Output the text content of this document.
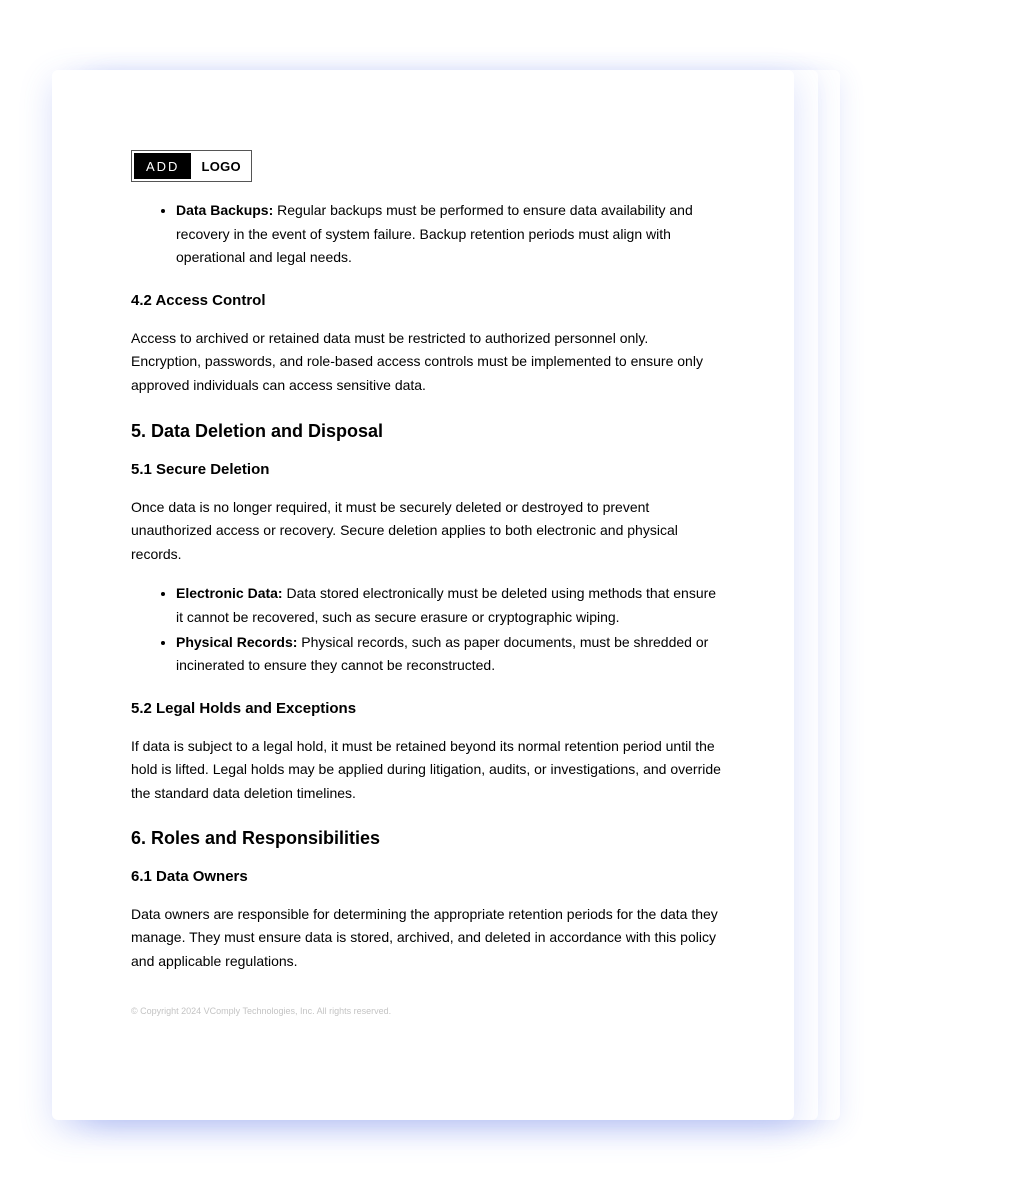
ADD	LOGO
• Data Backups: Regular backups must be performed to ensure data availability and recovery in the event of system failure. Backup retention periods must align with operational and legal needs.
4.2 Access Control

Access to archived or retained data must be restricted to authorized personnel only. Encryption, passwords, and role-based access controls must be implemented to ensure only approved individuals can access sensitive data.

5. Data Deletion and Disposal
5.1 Secure Deletion

Once data is no longer required, it must be securely deleted or destroyed to prevent unauthorized access or recovery. Secure deletion applies to both electronic and physical records.

• Electronic Data: Data stored electronically must be deleted using methods that ensure it cannot be recovered, such as secure erasure or cryptographic wiping.
• Physical Records: Physical records, such as paper documents, must be shredded or incinerated to ensure they cannot be reconstructed.
5.2 Legal Holds and Exceptions

If data is subject to a legal hold, it must be retained beyond its normal retention period until the hold is lifted. Legal holds may be applied during litigation, audits, or investigations, and override the standard data deletion timelines.

6. Roles and Responsibilities
6.1 Data Owners

Data owners are responsible for determining the appropriate retention periods for the data they manage. They must ensure data is stored, archived, and deleted in accordance with this policy and applicable regulations.

© Copyright 2024 VComply Technologies, Inc. All rights reserved.
